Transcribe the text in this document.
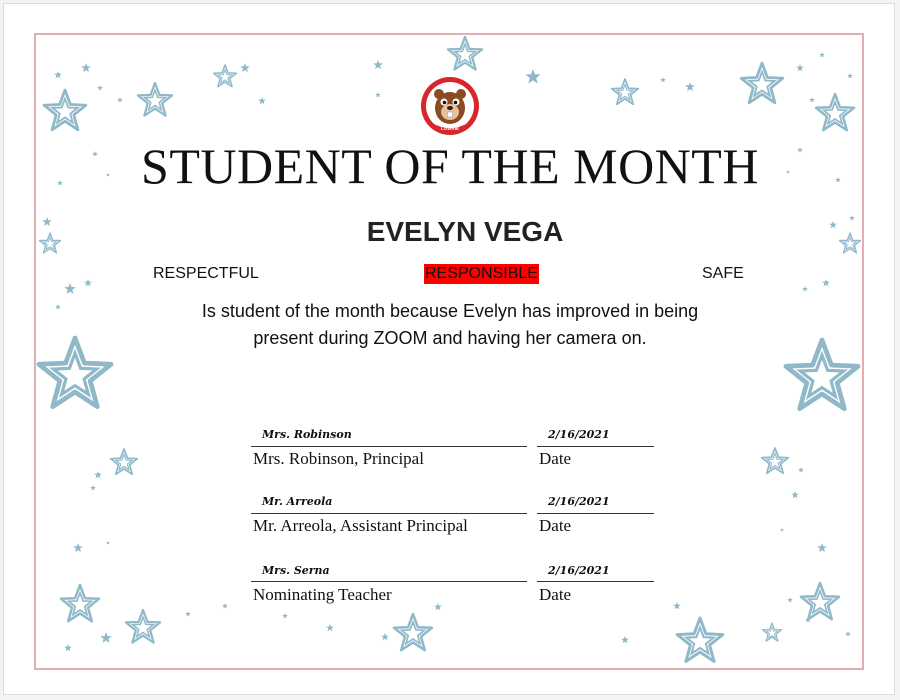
LOWRIE
STUDENT OF THE MONTH
EVELYN VEGA
RESPECTFUL	RESPONSIBLE	SAFE
Is student of the month because Evelyn has improved in being
present during ZOOM and having her camera on.
Mrs. Robinson	2/16/2021
Mrs. Robinson, Principal	Date
Mr. Arreola	2/16/2021
Mr. Arreola, Assistant Principal	Date
Mrs. Serna	2/16/2021
Nominating Teacher	Date
